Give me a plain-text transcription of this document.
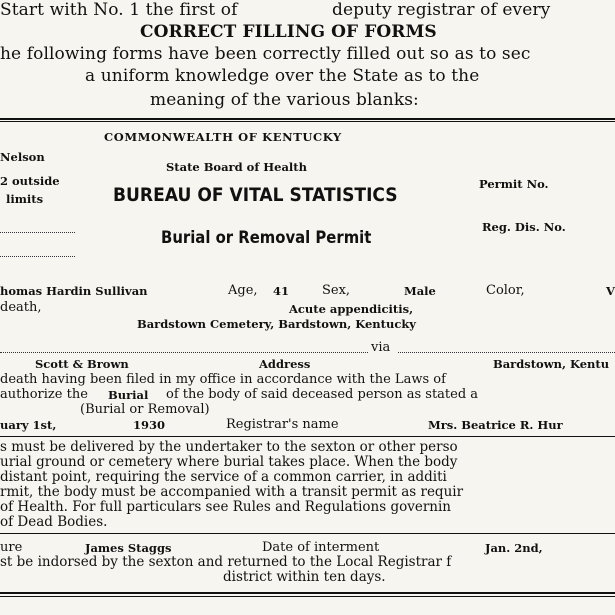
Start with No. 1 the first of	deputy registrar of every
CORRECT FILLING OF FORMS
he following forms have been correctly filled out so as to sec
a uniform knowledge over the State as to the
meaning of the various blanks:
Nelson
2 outside
limits
COMMONWEALTH OF KENTUCKY
State Board of Health
BUREAU OF VITAL STATISTICS	Permit No.
Reg. Dis. No.
Burial or Removal Permit
homas Hardin Sullivan	Age, 41	Sex,	Male	Color,	V
death,	Acute appendicitis,
Bardstown Cemetery, Bardstown, Kentucky
via
Scott & Brown	Address	Bardstown, Kentu
death having been filed in my office in accordance with the Laws of
authorize the Burial of the body of said deceased person as stated a
(Burial or Removal)
uary 1st,	1930	Registrar's name	Mrs. Beatrice R. Hur
s must be delivered by the undertaker to the sexton or other perso
urial ground or cemetery where burial takes place. When the body
distant point, requiring the service of a common carrier, in additi
rmit, the body must be accompanied with a transit permit as requir
of Health. For full particulars see Rules and Regulations governin
of Dead Bodies.
ure	James Staggs	Date of interment	Jan. 2nd,
st be indorsed by the sexton and returned to the Local Registrar f
district within ten days.
